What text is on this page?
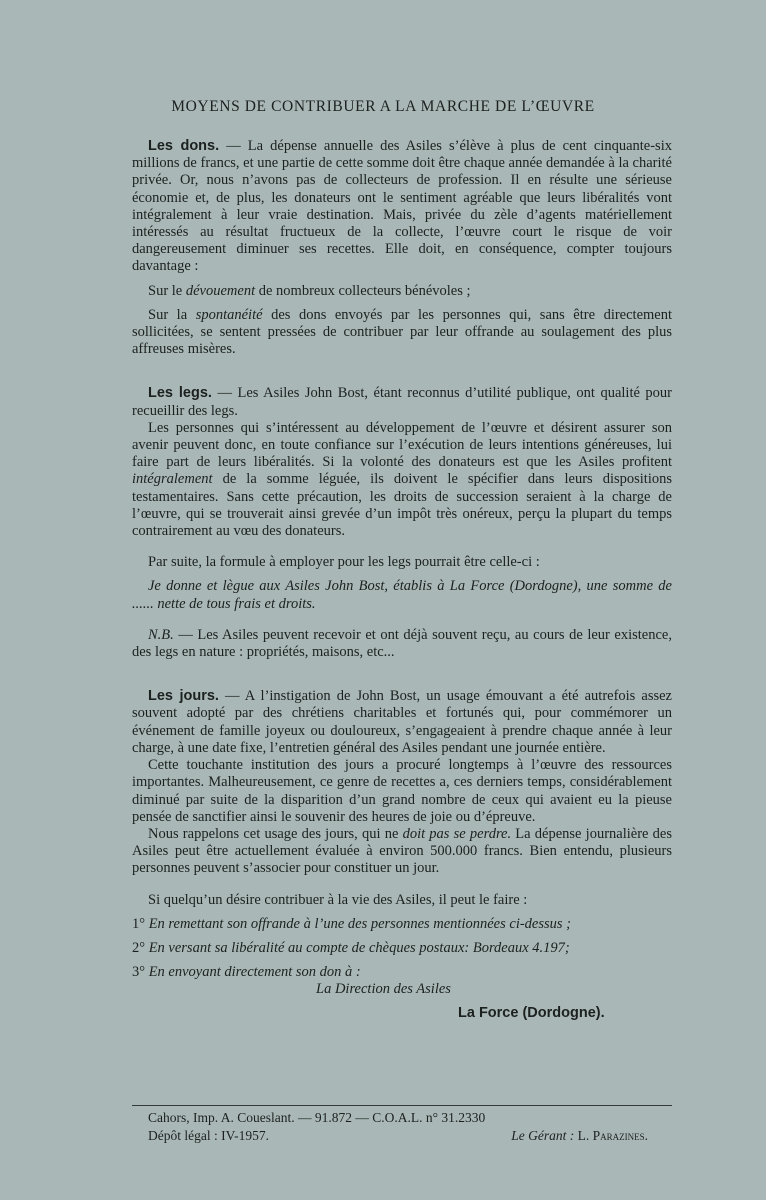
MOYENS DE CONTRIBUER A LA MARCHE DE L’ŒUVRE

Les dons. — La dépense annuelle des Asiles s’élève à plus de cent cinquante-six millions de francs, et une partie de cette somme doit être chaque année demandée à la charité privée. Or, nous n’avons pas de collecteurs de profession. Il en résulte une sérieuse économie et, de plus, les donateurs ont le sentiment agréable que leurs libéralités vont intégralement à leur vraie destination. Mais, privée du zèle d’agents matériellement intéressés au résultat fructueux de la collecte, l’œuvre court le risque de voir dangereusement diminuer ses recettes. Elle doit, en conséquence, compter toujours davantage :

Sur le dévouement de nombreux collecteurs bénévoles ;

Sur la spontanéité des dons envoyés par les personnes qui, sans être directement sollicitées, se sentent pressées de contribuer par leur offrande au soulagement des plus affreuses misères.

Les legs. — Les Asiles John Bost, étant reconnus d’utilité publique, ont qualité pour recueillir des legs.

Les personnes qui s’intéressent au développement de l’œuvre et désirent assurer son avenir peuvent donc, en toute confiance sur l’exécution de leurs intentions généreuses, lui faire part de leurs libéralités. Si la volonté des donateurs est que les Asiles profitent intégralement de la somme léguée, ils doivent le spécifier dans leurs dispositions testamentaires. Sans cette précaution, les droits de succession seraient à la charge de l’œuvre, qui se trouverait ainsi grevée d’un impôt très onéreux, perçu la plupart du temps contrairement au vœu des donateurs.

Par suite, la formule à employer pour les legs pourrait être celle-ci :

Je donne et lègue aux Asiles John Bost, établis à La Force (Dordogne), une somme de ...... nette de tous frais et droits.

N.B. — Les Asiles peuvent recevoir et ont déjà souvent reçu, au cours de leur existence, des legs en nature : propriétés, maisons, etc...

Les jours. — A l’instigation de John Bost, un usage émouvant a été autrefois assez souvent adopté par des chrétiens charitables et fortunés qui, pour commémorer un événement de famille joyeux ou douloureux, s’engageaient à prendre chaque année à leur charge, à une date fixe, l’entretien général des Asiles pendant une journée entière.

Cette touchante institution des jours a procuré longtemps à l’œuvre des ressources importantes. Malheureusement, ce genre de recettes a, ces derniers temps, considérablement diminué par suite de la disparition d’un grand nombre de ceux qui avaient eu la pieuse pensée de sanctifier ainsi le souvenir des heures de joie ou d’épreuve.

Nous rappelons cet usage des jours, qui ne doit pas se perdre. La dépense journalière des Asiles peut être actuellement évaluée à environ 500.000 francs. Bien entendu, plusieurs personnes peuvent s’associer pour constituer un jour.

Si quelqu’un désire contribuer à la vie des Asiles, il peut le faire :

1° En remettant son offrande à l’une des personnes mentionnées ci-dessus ;

2° En versant sa libéralité au compte de chèques postaux: Bordeaux 4.197;

3° En envoyant directement son don à :

La Direction des Asiles

La Force (Dordogne).

Cahors, Imp. A. Coueslant. — 91.872 — C.O.A.L. n° 31.2330
Dépôt légal : IV-1957.	Le Gérant : L. Parazines.
